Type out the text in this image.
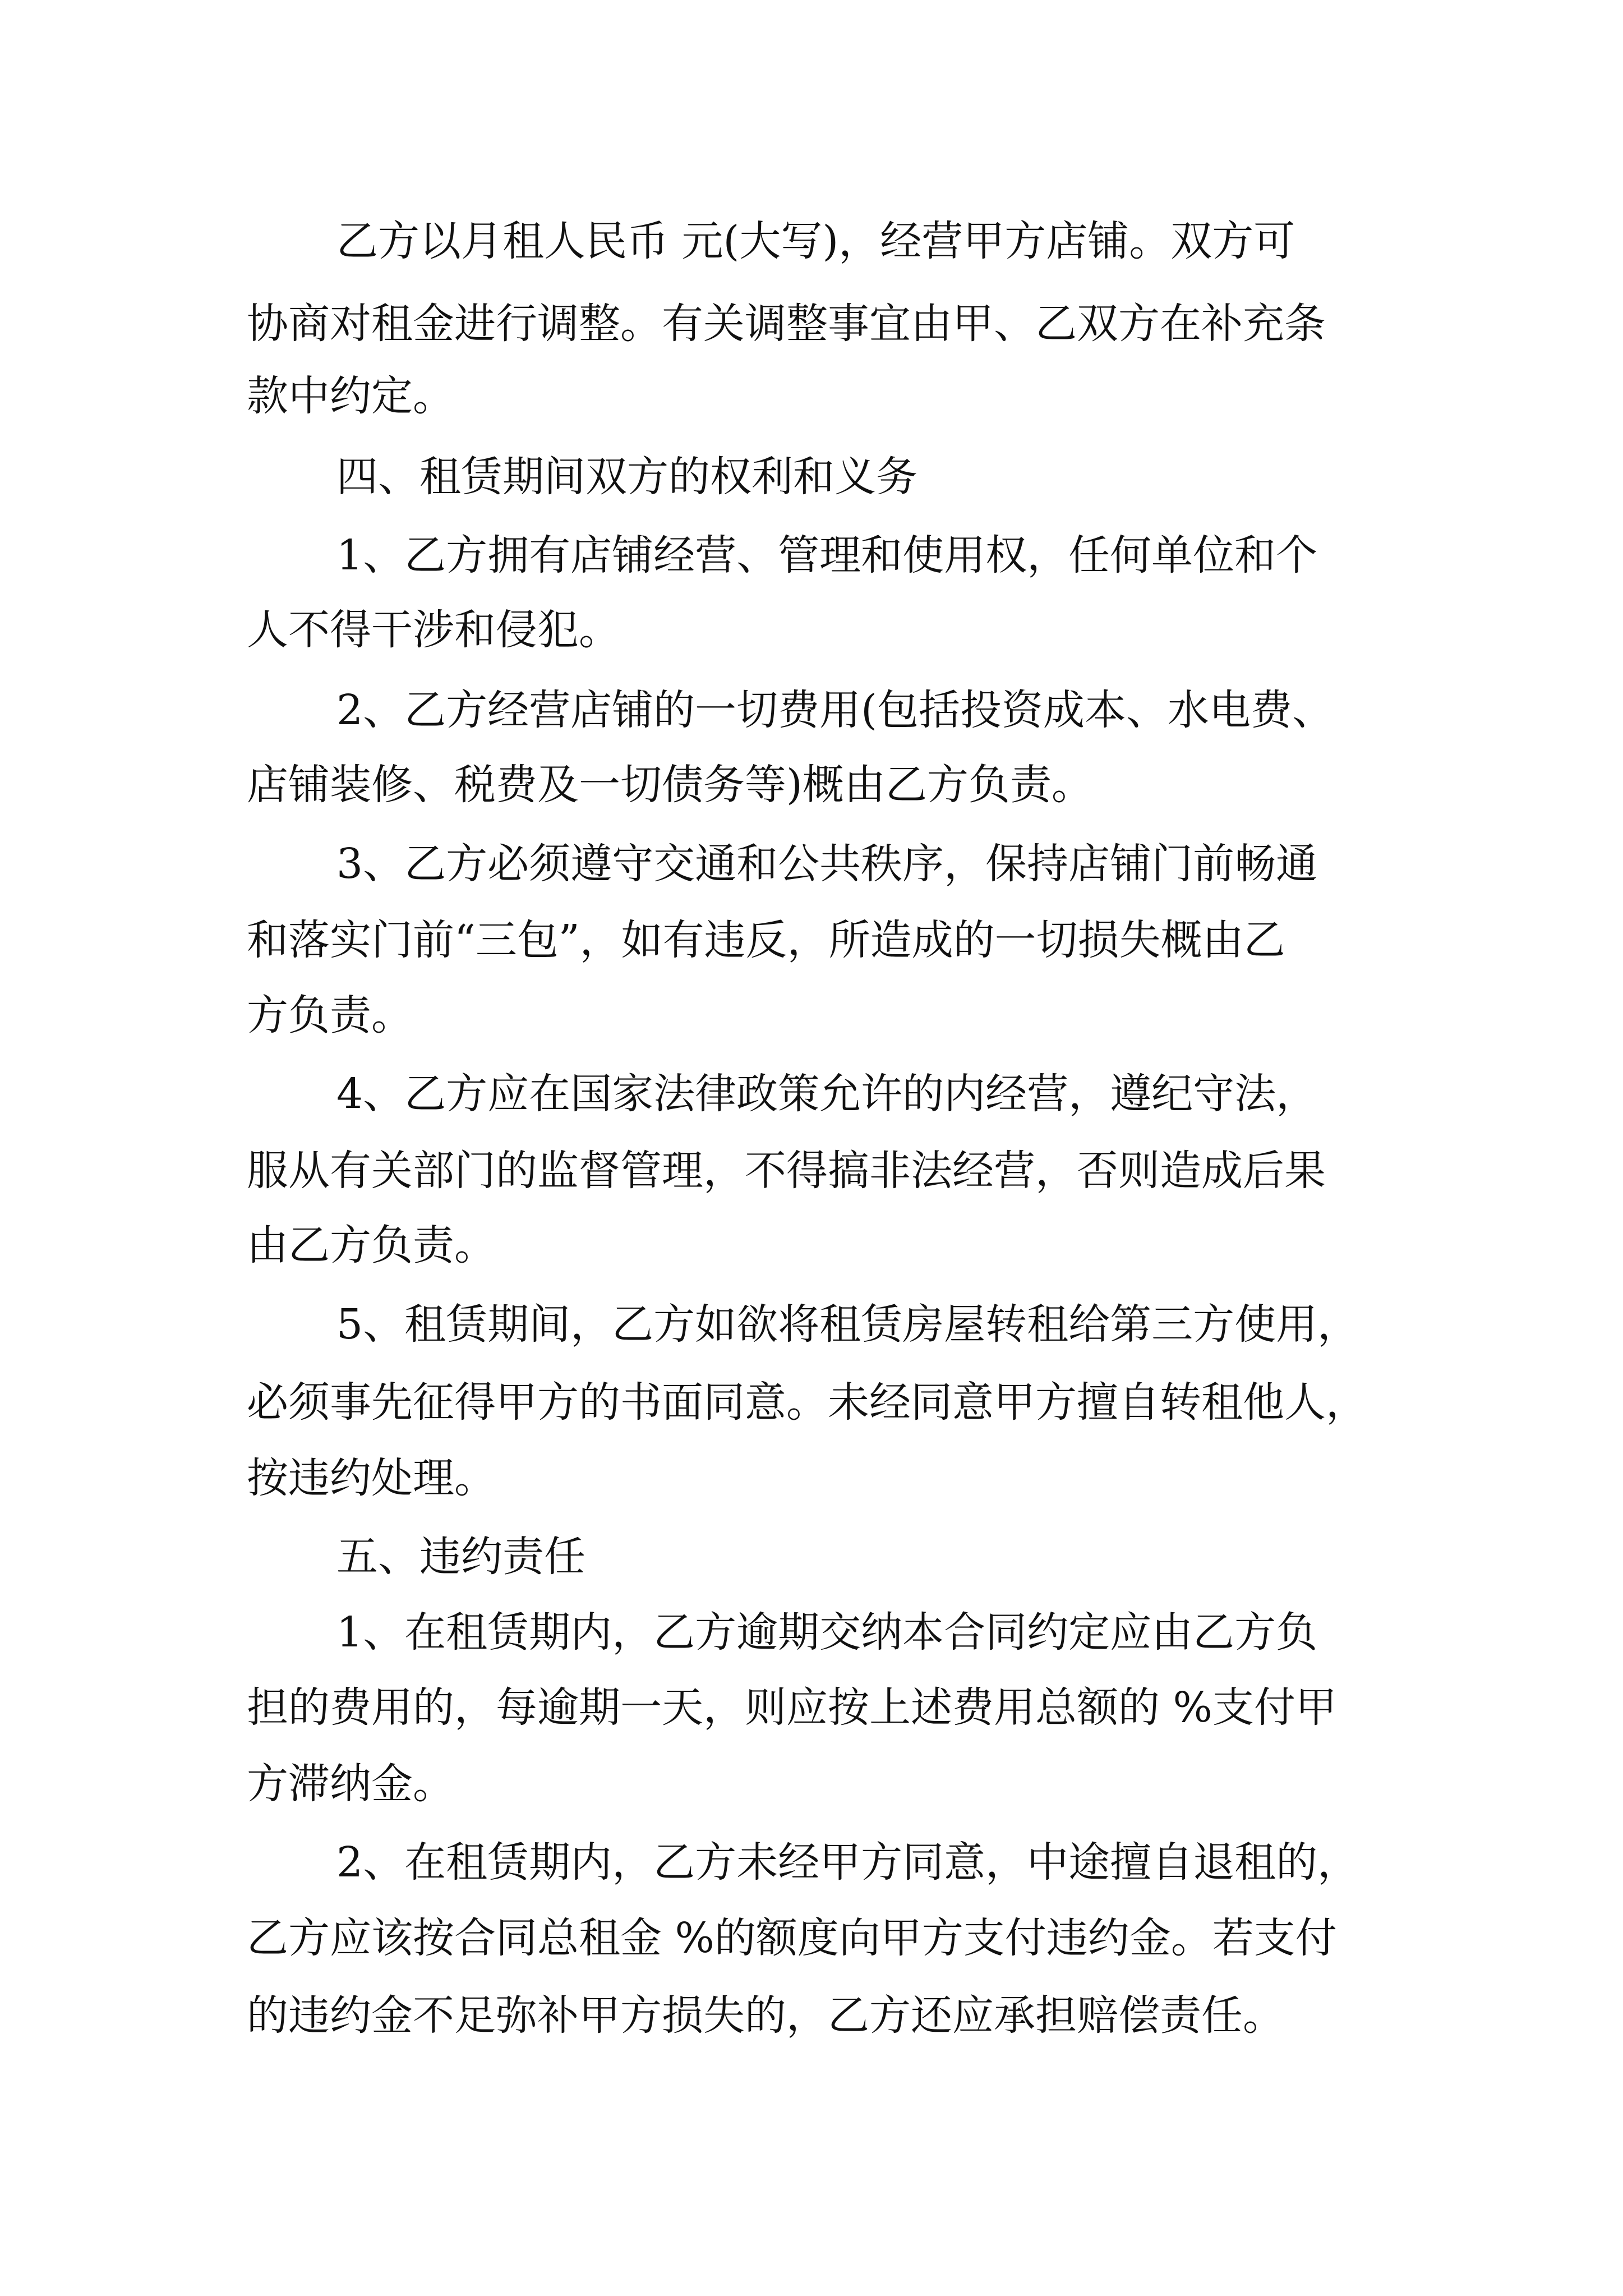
乙方以月租人民币 元(大写)，经营甲方店铺。双方可

协商对租金进行调整。有关调整事宜由甲、乙双方在补充条

款中约定。

四、租赁期间双方的权利和义务

1、乙方拥有店铺经营、管理和使用权，任何单位和个

人不得干涉和侵犯。

2、乙方经营店铺的一切费用(包括投资成本、水电费、

店铺装修、税费及一切债务等)概由乙方负责。

3、乙方必须遵守交通和公共秩序，保持店铺门前畅通

和落实门前“三包”，如有违反，所造成的一切损失概由乙

方负责。

4、乙方应在国家法律政策允许的内经营，遵纪守法，

服从有关部门的监督管理，不得搞非法经营，否则造成后果

由乙方负责。

5、租赁期间，乙方如欲将租赁房屋转租给第三方使用，

必须事先征得甲方的书面同意。未经同意甲方擅自转租他人，

按违约处理。

五、违约责任

1、在租赁期内，乙方逾期交纳本合同约定应由乙方负

担的费用的，每逾期一天，则应按上述费用总额的 %支付甲

方滞纳金。

2、在租赁期内，乙方未经甲方同意，中途擅自退租的，

乙方应该按合同总租金 %的额度向甲方支付违约金。若支付

的违约金不足弥补甲方损失的，乙方还应承担赔偿责任。
